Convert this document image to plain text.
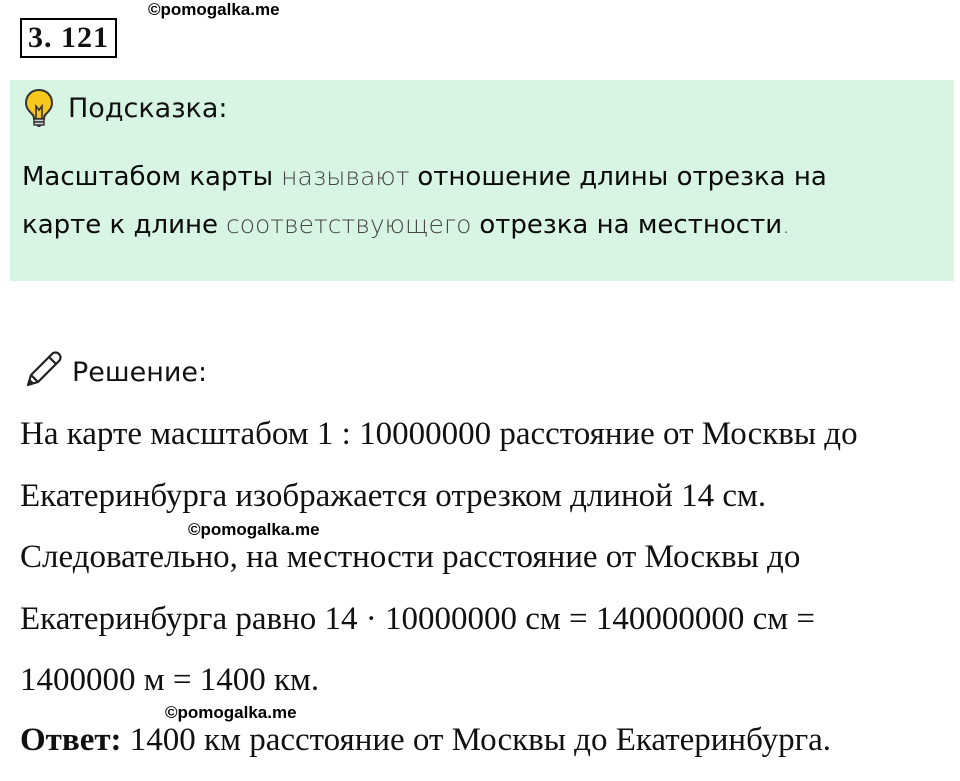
©pomogalka.me
3. 121
Подсказка:
Масштабом карты называют отношение длины отрезка на
карте к длине соответствующего отрезка на местности.
Решение:
На карте масштабом 1 : 10000000 расстояние от Москвы до
Екатеринбурга изображается отрезком длиной 14 см.
©pomogalka.me
Следовательно, на местности расстояние от Москвы до
Екатеринбурга равно 14 · 10000000 см = 140000000 см =
1400000 м = 1400 км.
©pomogalka.me
Ответ: 1400 км расстояние от Москвы до Екатеринбурга.
